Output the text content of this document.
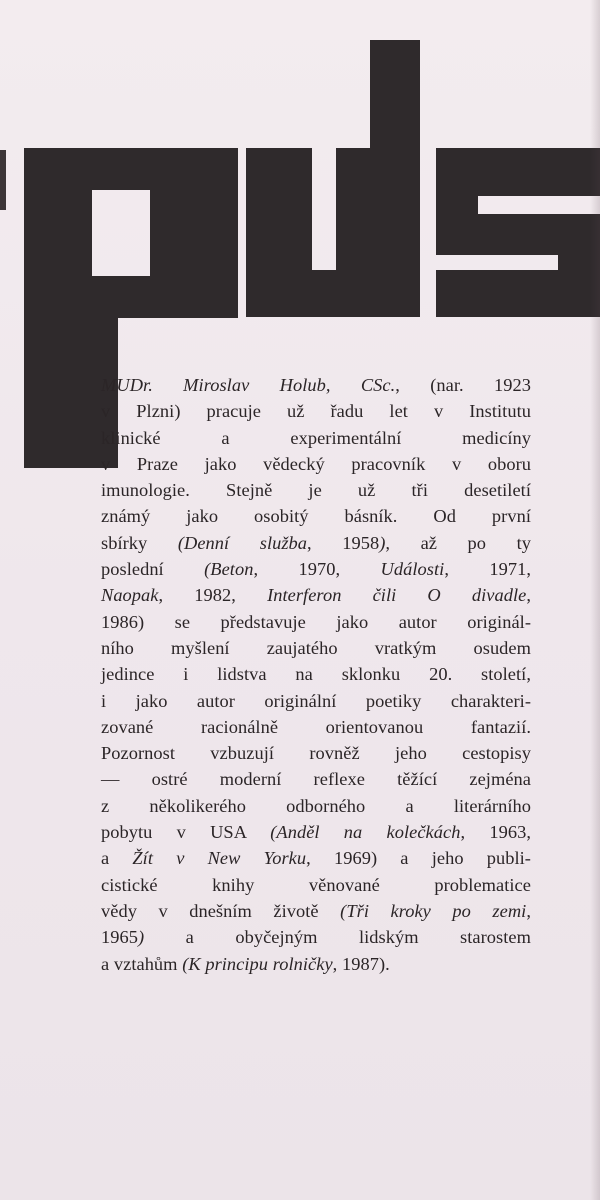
MUDr. Miroslav Holub, CSc., (nar. 1923
v Plzni) pracuje už řadu let v Institutu
klinické a experimentální medicíny
v Praze jako vědecký pracovník v oboru
imunologie. Stejně je už tři desetiletí
známý jako osobitý básník. Od první
sbírky (Denní služba, 1958), až po ty
poslední (Beton, 1970, Události, 1971,
Naopak, 1982, Interferon čili O divadle,
1986) se představuje jako autor originál-
ního myšlení zaujatého vratkým osudem
jedince i lidstva na sklonku 20. století,
i jako autor originální poetiky charakteri-
zované racionálně orientovanou fantazií.
Pozornost vzbuzují rovněž jeho cestopisy
— ostré moderní reflexe těžící zejména
z několikerého odborného a literárního
pobytu v USA (Anděl na kolečkách, 1963,
a Žít v New Yorku, 1969) a jeho publi-
cistické knihy věnované problematice
vědy v dnešním životě (Tři kroky po zemi,
1965) a obyčejným lidským starostem
a vztahům (K principu rolničky, 1987).
